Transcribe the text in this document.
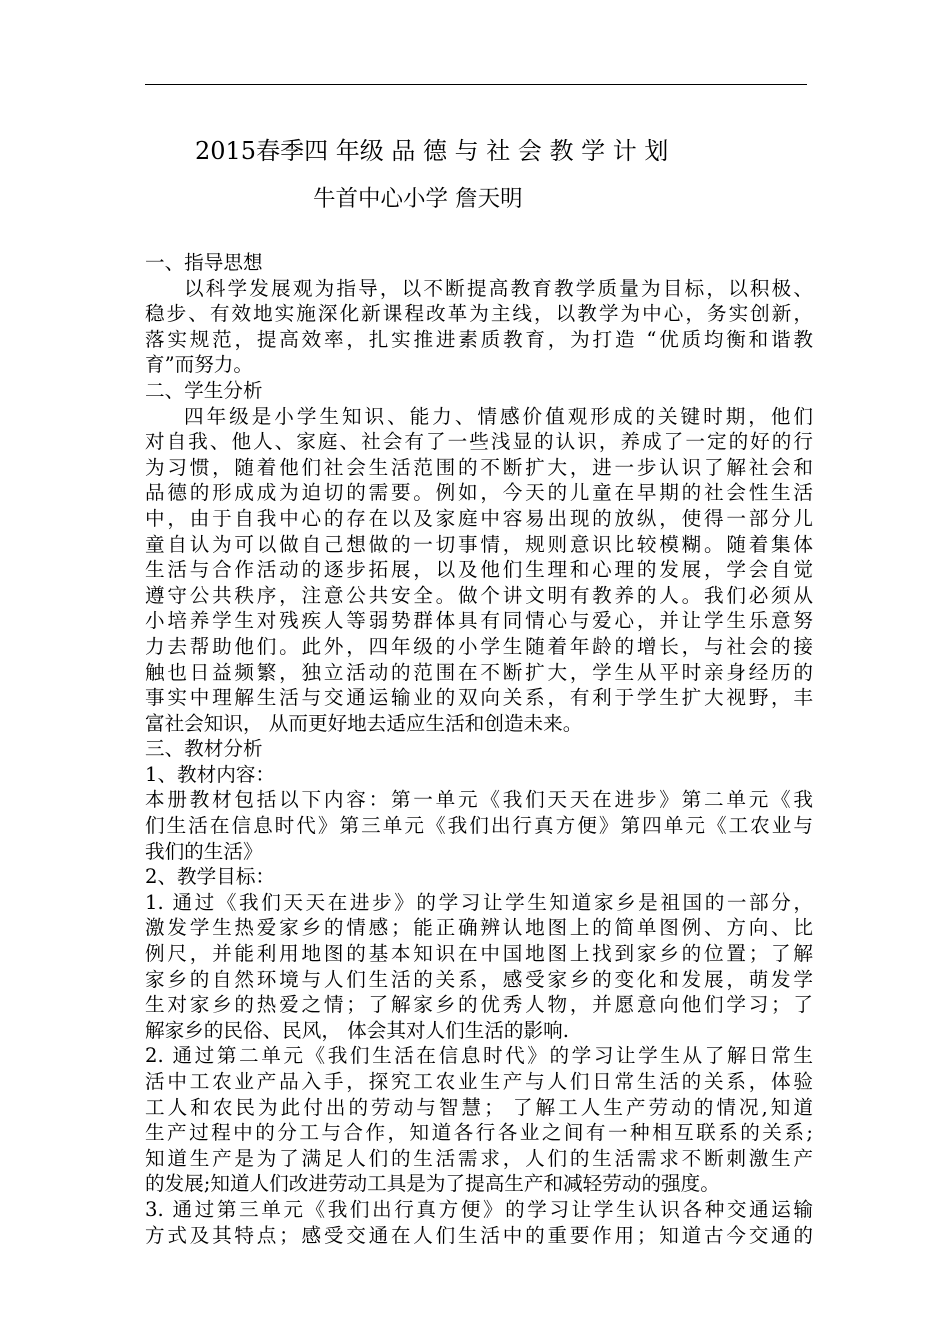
2015春季四 年级 品 德 与 社 会 教 学 计 划
牛首中心小学 詹天明
一、指导思想
以科学发展观为指导，以不断提高教育教学质量为目标，以积极、
稳步、有效地实施深化新课程改革为主线，以教学为中心，务实创新，
落实规范，提高效率，扎实推进素质教育，为打造 “优质均衡和谐教
育”而努力。
二、学生分析
四年级是小学生知识、能力、情感价值观形成的关键时期，他们
对自我、他人、家庭、社会有了一些浅显的认识，养成了一定的好的行
为习惯，随着他们社会生活范围的不断扩大，进一步认识了解社会和
品德的形成成为迫切的需要。例如，今天的儿童在早期的社会性生活
中，由于自我中心的存在以及家庭中容易出现的放纵，使得一部分儿
童自认为可以做自己想做的一切事情，规则意识比较模糊。随着集体
生活与合作活动的逐步拓展，以及他们生理和心理的发展，学会自觉
遵守公共秩序，注意公共安全。做个讲文明有教养的人。我们必须从
小培养学生对残疾人等弱势群体具有同情心与爱心，并让学生乐意努
力去帮助他们。此外，四年级的小学生随着年龄的增长，与社会的接
触也日益频繁，独立活动的范围在不断扩大，学生从平时亲身经历的
事实中理解生活与交通运输业的双向关系，有利于学生扩大视野，丰
富社会知识， 从而更好地去适应生活和创造未来。
三、教材分析
1、教材内容：
本册教材包括以下内容：第一单元《我们天天在进步》第二单元《我
们生活在信息时代》第三单元《我们出行真方便》第四单元《工农业与
我们的生活》
2、教学目标：
1. 通过《我们天天在进步》的学习让学生知道家乡是祖国的一部分，
激发学生热爱家乡的情感；能正确辨认地图上的简单图例、方向、比
例尺，并能利用地图的基本知识在中国地图上找到家乡的位置；了解
家乡的自然环境与人们生活的关系，感受家乡的变化和发展，萌发学
生对家乡的热爱之情；了解家乡的优秀人物，并愿意向他们学习；了
解家乡的民俗、民风， 体会其对人们生活的影响.
2. 通过第二单元《我们生活在信息时代》的学习让学生从了解日常生
活中工农业产品入手，探究工农业生产与人们日常生活的关系，体验
工人和农民为此付出的劳动与智慧； 了解工人生产劳动的情况,知道
生产过程中的分工与合作，知道各行各业之间有一种相互联系的关系;
知道生产是为了满足人们的生活需求，人们的生活需求不断刺激生产
的发展;知道人们改进劳动工具是为了提高生产和减轻劳动的强度。
3. 通过第三单元《我们出行真方便》的学习让学生认识各种交通运输
方式及其特点；感受交通在人们生活中的重要作用；知道古今交通的
